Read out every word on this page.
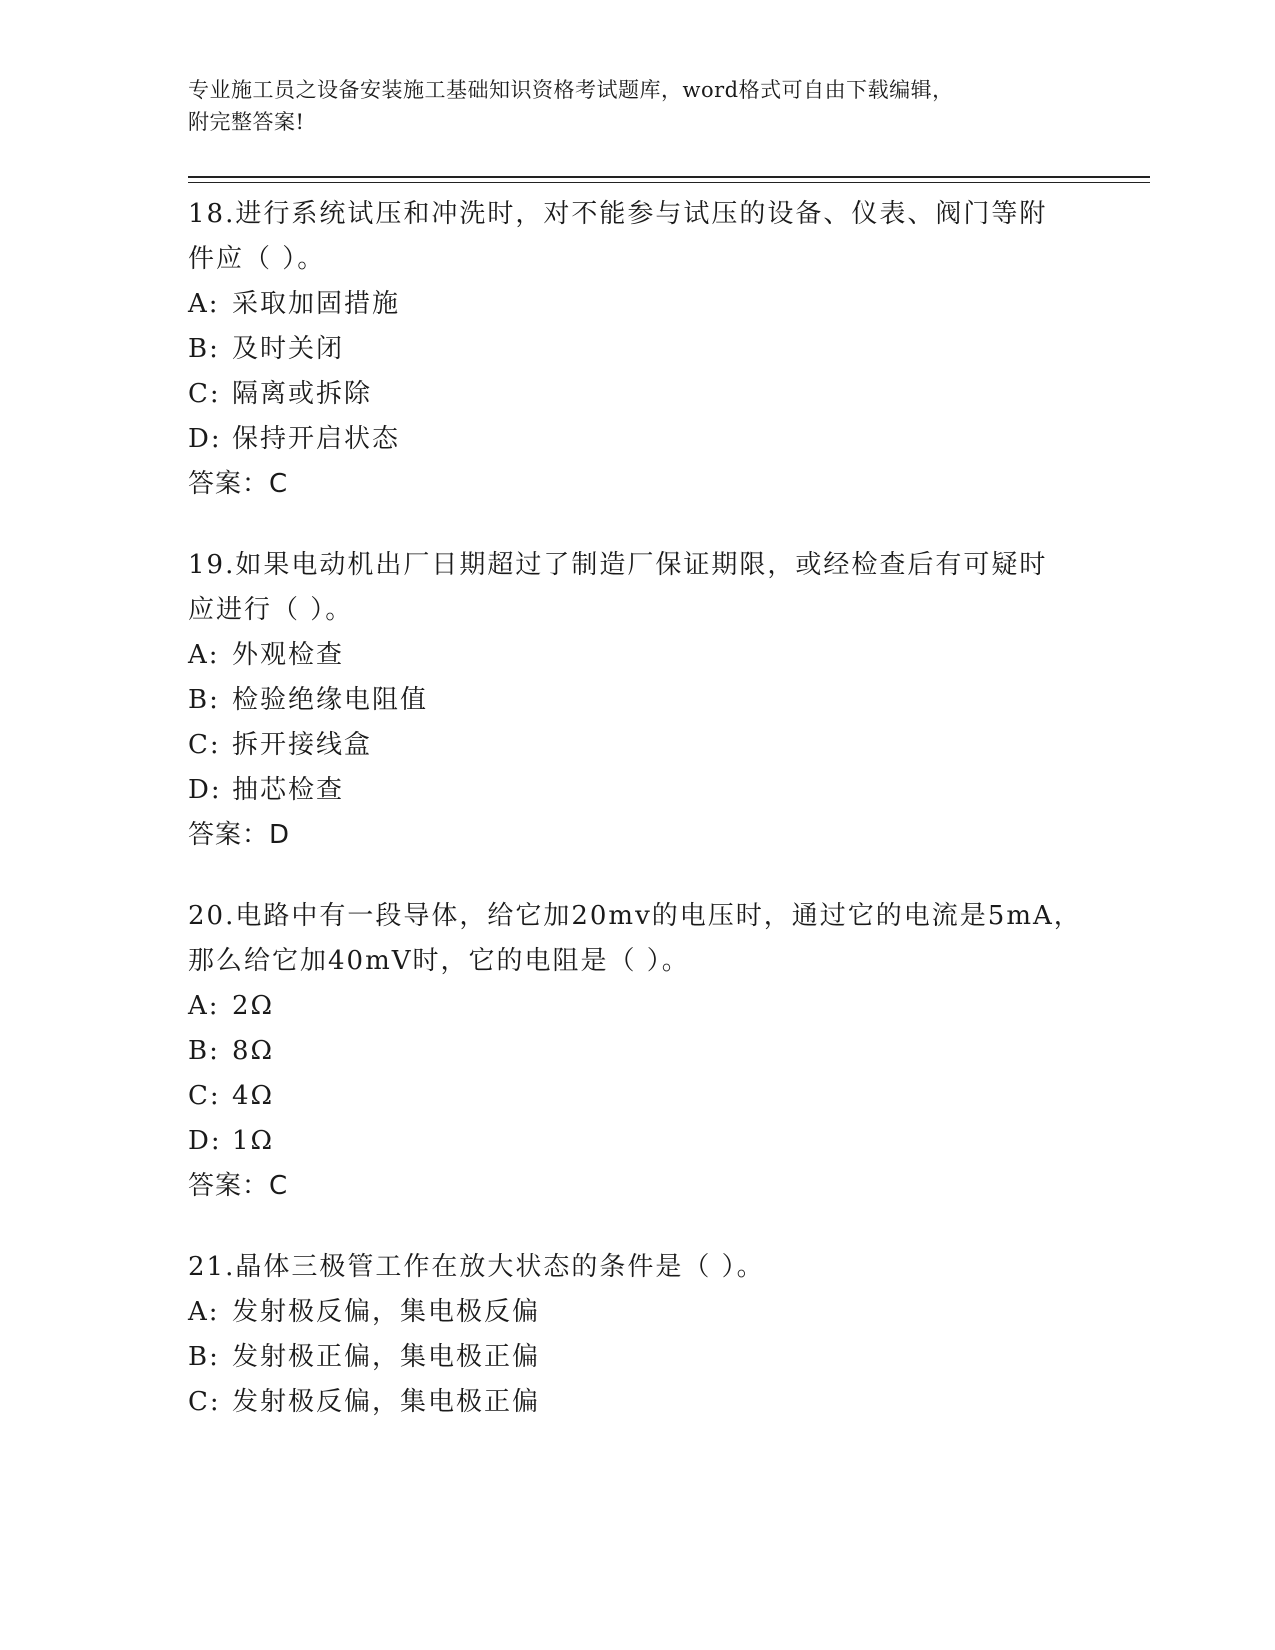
专业施工员之设备安装施工基础知识资格考试题库，word格式可自由下载编辑，
附完整答案!
18.进行系统试压和冲洗时，对不能参与试压的设备、仪表、阀门等附
件应（ ）。
A: 采取加固措施
B: 及时关闭
C: 隔离或拆除
D: 保持开启状态
答案：C
19.如果电动机出厂日期超过了制造厂保证期限，或经检查后有可疑时
应进行（ ）。
A: 外观检查
B: 检验绝缘电阻值
C: 拆开接线盒
D: 抽芯检查
答案：D
20.电路中有一段导体，给它加20mv的电压时，通过它的电流是5mA，
那么给它加40mV时，它的电阻是（ ）。
A: 2Ω
B: 8Ω
C: 4Ω
D: 1Ω
答案：C
21.晶体三极管工作在放大状态的条件是（ ）。
A: 发射极反偏，集电极反偏
B: 发射极正偏，集电极正偏
C: 发射极反偏，集电极正偏
